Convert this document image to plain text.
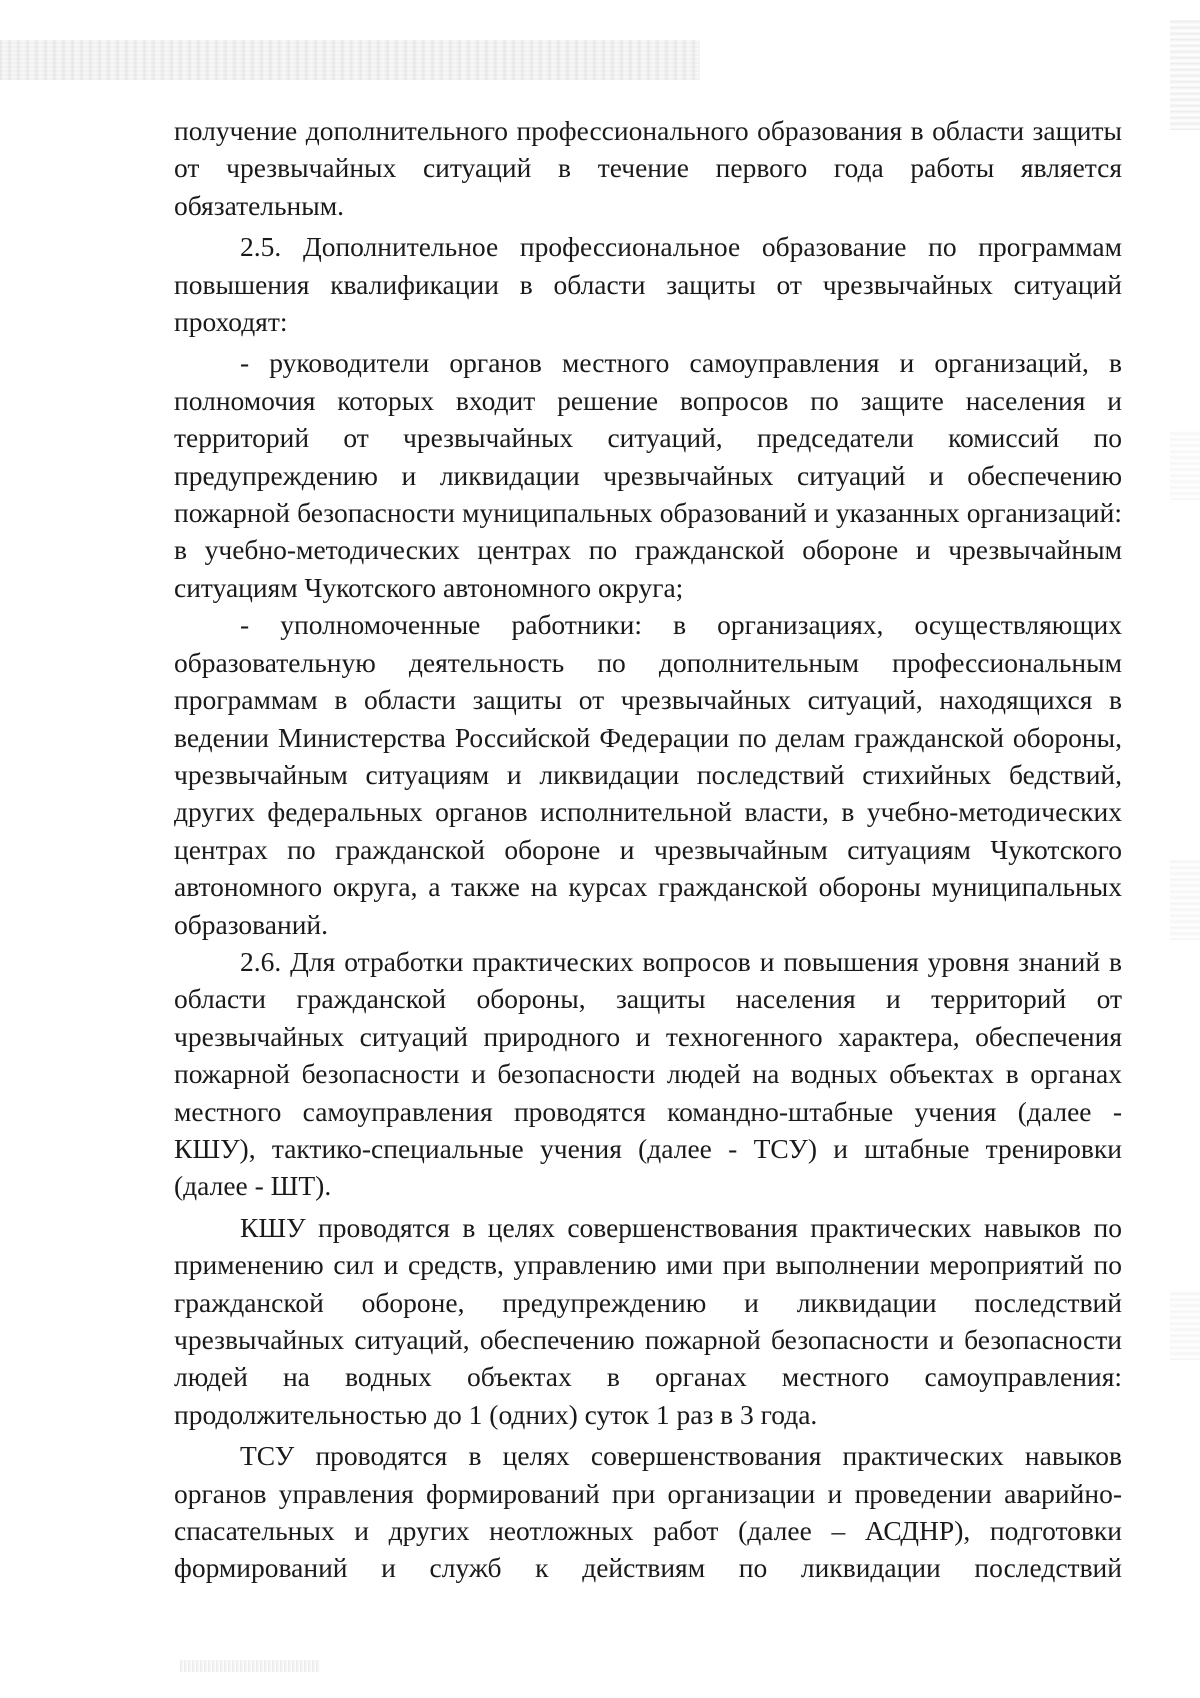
получение дополнительного профессионального образования в области защиты от чрезвычайных ситуаций в течение первого года работы является обязательным.

2.5. Дополнительное профессиональное образование по программам повышения квалификации в области защиты от чрезвычайных ситуаций проходят:

- руководители органов местного самоуправления и организаций, в полномочия которых входит решение вопросов по защите населения и территорий от чрезвычайных ситуаций, председатели комиссий по предупреждению и ликвидации чрезвычайных ситуаций и обеспечению пожарной безопасности муниципальных образований и указанных организаций: в учебно-методических центрах по гражданской обороне и чрезвычайным ситуациям Чукотского автономного округа;

- уполномоченные работники: в организациях, осуществляющих образовательную деятельность по дополнительным профессиональным программам в области защиты от чрезвычайных ситуаций, находящихся в ведении Министерства Российской Федерации по делам гражданской обороны, чрезвычайным ситуациям и ликвидации последствий стихийных бедствий, других федеральных органов исполнительной власти, в учебно-методических центрах по гражданской обороне и чрезвычайным ситуациям Чукотского автономного округа, а также на курсах гражданской обороны муниципальных образований.

2.6. Для отработки практических вопросов и повышения уровня знаний в области гражданской обороны, защиты населения и территорий от чрезвычайных ситуаций природного и техногенного характера, обеспечения пожарной безопасности и безопасности людей на водных объектах в органах местного самоуправления проводятся командно-штабные учения (далее - КШУ), тактико-специальные учения (далее - ТСУ) и штабные тренировки (далее - ШТ).

КШУ проводятся в целях совершенствования практических навыков по применению сил и средств, управлению ими при выполнении мероприятий по гражданской обороне, предупреждению и ликвидации последствий чрезвычайных ситуаций, обеспечению пожарной безопасности и безопасности людей на водных объектах в органах местного самоуправления: продолжительностью до 1 (одних) суток 1 раз в 3 года.

ТСУ проводятся в целях совершенствования практических навыков органов управления формирований при организации и проведении аварийно-спасательных и других неотложных работ (далее – АСДНР), подготовки формирований и служб к действиям по ликвидации последствий
